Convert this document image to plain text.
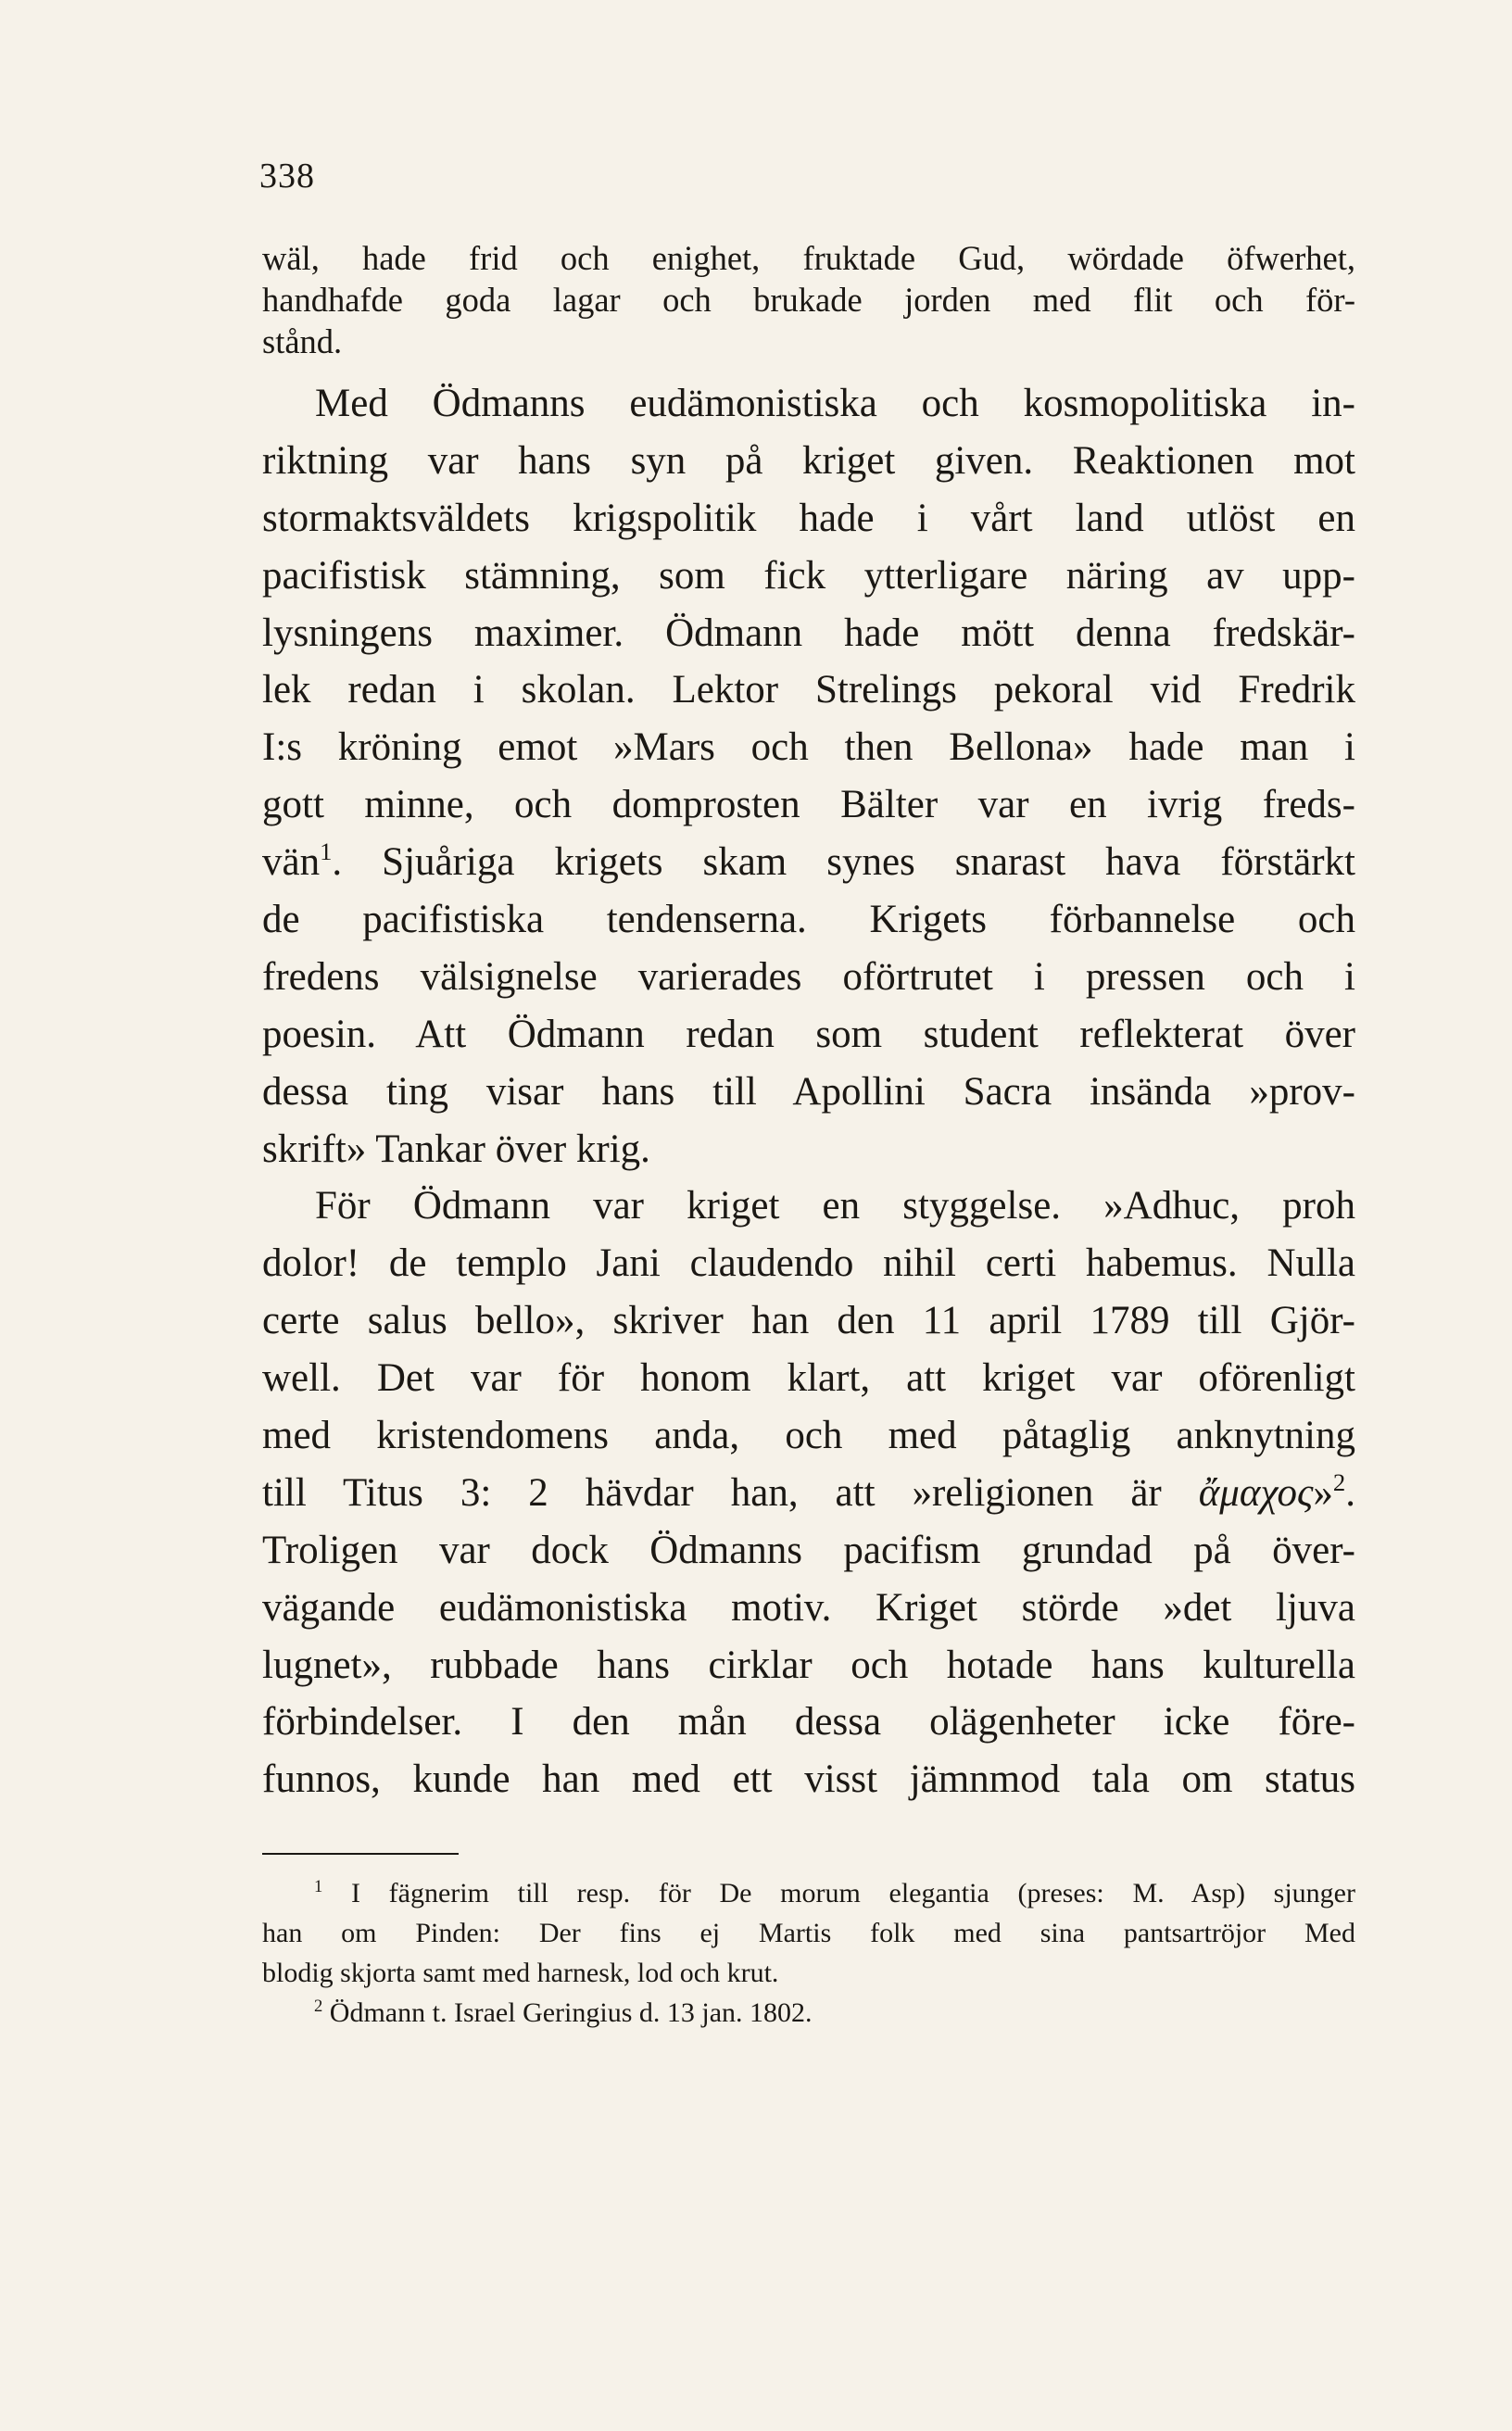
338
wäl, hade frid och enighet, fruktade Gud, wördade öfwerhet,
handhafde goda lagar och brukade jorden med flit och för-
stånd.
Med Ödmanns eudämonistiska och kosmopolitiska in-
riktning var hans syn på kriget given. Reaktionen mot
stormaktsväldets krigspolitik hade i vårt land utlöst en
pacifistisk stämning, som fick ytterligare näring av upp-
lysningens maximer. Ödmann hade mött denna fredskär-
lek redan i skolan. Lektor Strelings pekoral vid Fredrik
I:s kröning emot »Mars och then Bellona» hade man i
gott minne, och domprosten Bälter var en ivrig freds-
vän$^1$. Sjuåriga krigets skam synes snarast hava förstärkt
de pacifistiska tendenserna. Krigets förbannelse och
fredens välsignelse varierades oförtrutet i pressen och i
poesin. Att Ödmann redan som student reflekterat över
dessa ting visar hans till Apollini Sacra insända »prov-
skrift» Tankar över krig.
För Ödmann var kriget en styggelse. »Adhuc, proh
dolor! de templo Jani claudendo nihil certi habemus. Nulla
certe salus bello», skriver han den 11 april 1789 till Gjör-
well. Det var för honom klart, att kriget var oförenligt
med kristendomens anda, och med påtaglig anknytning
till Titus 3: 2 hävdar han, att »religionen är ἄμαχος»$^2$.
Troligen var dock Ödmanns pacifism grundad på över-
vägande eudämonistiska motiv. Kriget störde »det ljuva
lugnet», rubbade hans cirklar och hotade hans kulturella
förbindelser. I den mån dessa olägenheter icke före-
funnos, kunde han med ett visst jämnmod tala om status
$^1$ I fägnerim till resp. för De morum elegantia (preses: M. Asp) sjunger
han om Pinden: Der fins ej Martis folk med sina pantsartröjor Med
blodig skjorta samt med harnesk, lod och krut.
$^2$ Ödmann t. Israel Geringius d. 13 jan. 1802.
